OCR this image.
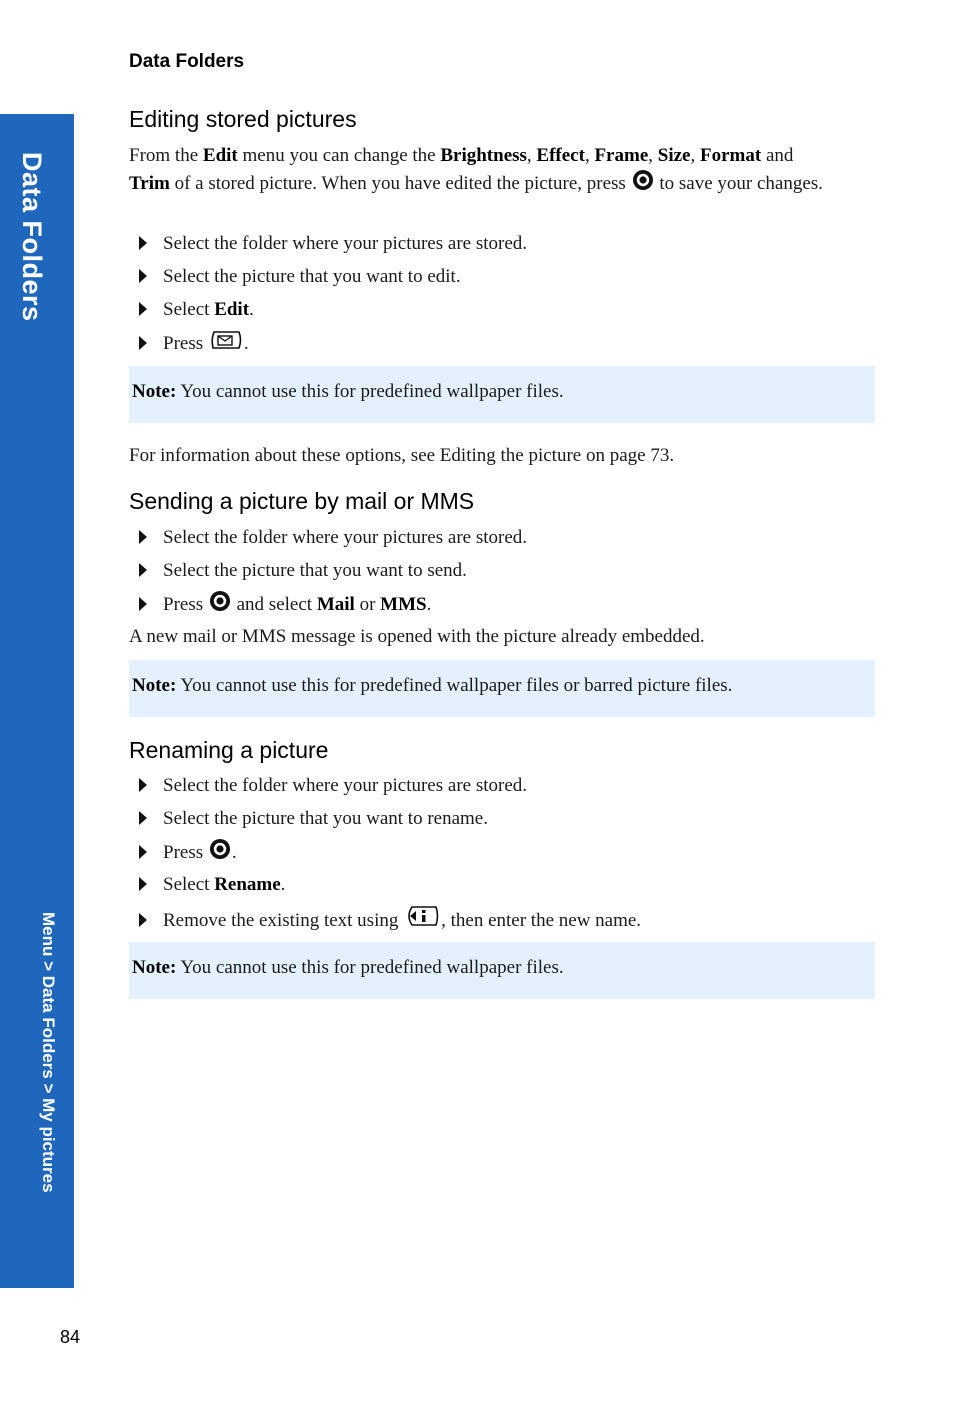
Data Folders
Menu > Data Folders > My pictures
Data Folders
Editing stored pictures

From the Edit menu you can change the Brightness, Effect, Frame, Size, Format and
Trim of a stored picture. When you have edited the picture, press  to save your changes.

Select the folder where your pictures are stored.
Select the picture that you want to edit.
Select Edit.
Press .
Note: You cannot use this for predefined wallpaper files.

For information about these options, see Editing the picture on page 73.

Sending a picture by mail or MMS
Select the folder where your pictures are stored.
Select the picture that you want to send.
Press  and select Mail or MMS.

A new mail or MMS message is opened with the picture already embedded.

Note: You cannot use this for predefined wallpaper files or barred picture files.
Renaming a picture
Select the folder where your pictures are stored.
Select the picture that you want to rename.
Press .
Select Rename.
Remove the existing text using , then enter the new name.
Note: You cannot use this for predefined wallpaper files.
84
